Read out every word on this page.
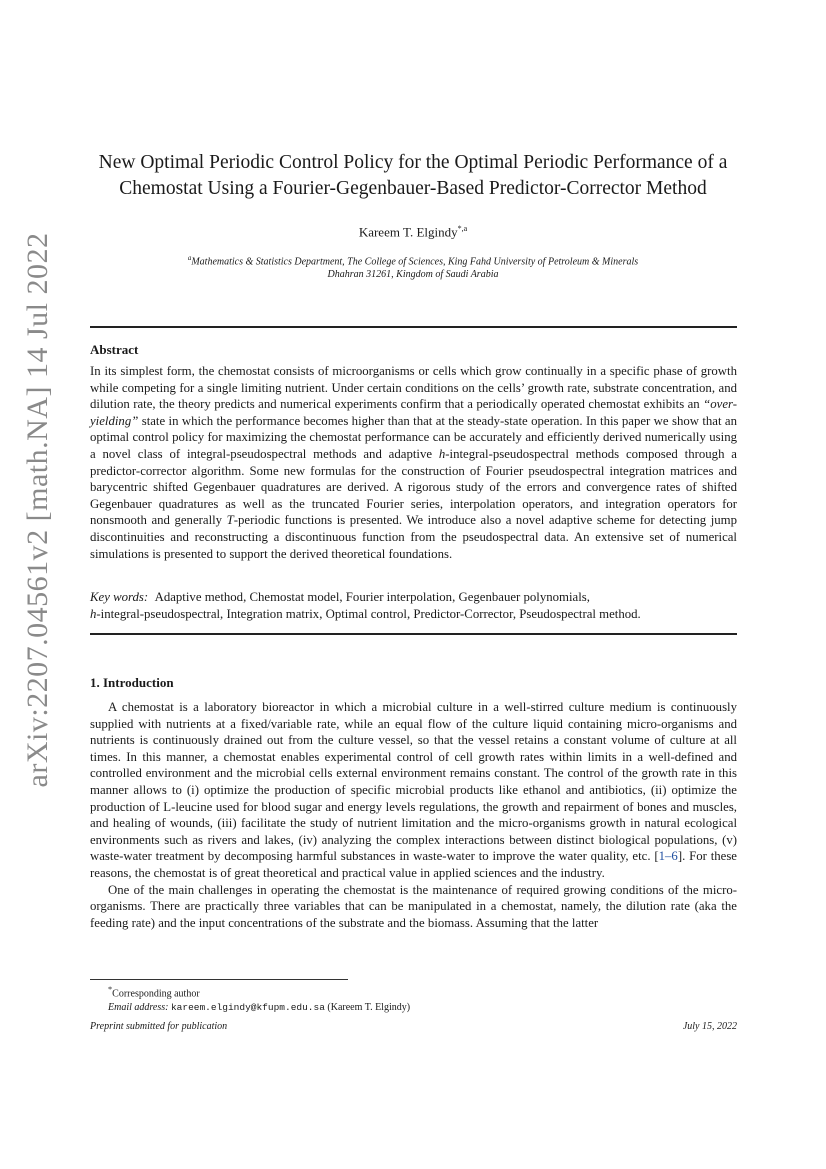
arXiv:2207.04561v2 [math.NA] 14 Jul 2022
New Optimal Periodic Control Policy for the Optimal Periodic Performance of a
Chemostat Using a Fourier-Gegenbauer-Based Predictor-Corrector Method
Kareem T. Elgindy$^{*,a}$
$^a$Mathematics & Statistics Department, The College of Sciences, King Fahd University of Petroleum & Minerals
Dhahran 31261, Kingdom of Saudi Arabia
Abstract

In its simplest form, the chemostat consists of microorganisms or cells which grow continually in a specific phase of growth while competing for a single limiting nutrient. Under certain conditions on the cells’ growth rate, substrate concentration, and dilution rate, the theory predicts and numerical experiments confirm that a periodically operated chemostat exhibits an “over-yielding” state in which the performance becomes higher than that at the steady-state operation. In this paper we show that an optimal control policy for maximizing the chemostat performance can be accurately and efficiently derived numerically using a novel class of integral-pseudospectral methods and adaptive h-integral-pseudospectral methods composed through a predictor-corrector algorithm. Some new formulas for the construction of Fourier pseudospectral integration matrices and barycentric shifted Gegenbauer quadratures are derived. A rigorous study of the errors and convergence rates of shifted Gegenbauer quadratures as well as the truncated Fourier series, interpolation operators, and integration operators for nonsmooth and generally T-periodic functions is presented. We introduce also a novel adaptive scheme for detecting jump discontinuities and reconstructing a discontinuous function from the pseudospectral data. An extensive set of numerical simulations is presented to support the derived theoretical foundations.

Key words: Adaptive method, Chemostat model, Fourier interpolation, Gegenbauer polynomials,
h-integral-pseudospectral, Integration matrix, Optimal control, Predictor-Corrector, Pseudospectral method.
1. Introduction

A chemostat is a laboratory bioreactor in which a microbial culture in a well-stirred culture medium is continuously supplied with nutrients at a fixed/variable rate, while an equal flow of the culture liquid containing micro-organisms and nutrients is continuously drained out from the culture vessel, so that the vessel retains a constant volume of culture at all times. In this manner, a chemostat enables experimental control of cell growth rates within limits in a well-defined and controlled environment and the microbial cells external environment remains constant. The control of the growth rate in this manner allows to (i) optimize the production of specific microbial products like ethanol and antibiotics, (ii) optimize the production of L-leucine used for blood sugar and energy levels regulations, the growth and repairment of bones and muscles, and healing of wounds, (iii) facilitate the study of nutrient limitation and the micro-organisms growth in natural ecological environments such as rivers and lakes, (iv) analyzing the complex interactions between distinct biological populations, (v) waste-water treatment by decomposing harmful substances in waste-water to improve the water quality, etc. [1–6]. For these reasons, the chemostat is of great theoretical and practical value in applied sciences and the industry.

One of the main challenges in operating the chemostat is the maintenance of required growing conditions of the micro-organisms. There are practically three variables that can be manipulated in a chemostat, namely, the dilution rate (aka the feeding rate) and the input concentrations of the substrate and the biomass. Assuming that the latter

*Corresponding author
Email address: kareem.elgindy@kfupm.edu.sa (Kareem T. Elgindy)
Preprint submitted for publication	July 15, 2022
